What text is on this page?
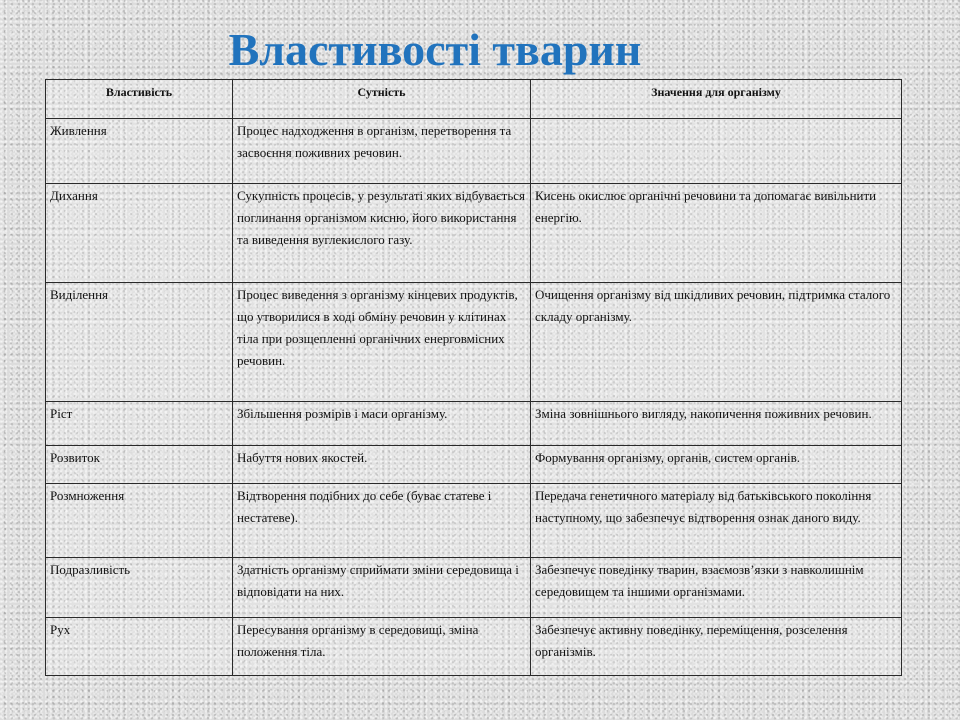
Властивості тварин
Властивість	Сутність	Значення для організму
Живлення	Процес надходження в організм, перетворення та засвоєння поживних речовин.	
Дихання	Сукупність процесів, у результаті яких відбувається поглинання організмом кисню, його використання та виведення вуглекислого газу.	Кисень окислює органічні речовини та допомагає вивільнити енергію.
Виділення	Процес виведення з організму кінцевих продуктів, що утворилися в ході обміну речовин у клітинах тіла при розщепленні органічних енерговмісних речовин.	Очищення організму від шкідливих речовин, підтримка сталого складу організму.
Ріст	Збільшення розмірів і маси організму.	Зміна зовнішнього вигляду, накопичення поживних речовин.
Розвиток	Набуття нових якостей.	Формування організму, органів, систем органів.
Розмноження	Відтворення подібних до себе (буває статеве і нестатеве).	Передача генетичного матеріалу від батьківського покоління наступному, що забезпечує відтворення ознак даного виду.
Подразливість	Здатність організму сприймати зміни середовища і відповідати на них.	Забезпечує поведінку тварин, взаємозв’язки з навколишнім середовищем та іншими організмами.
Рух	Пересування організму в середовищі, зміна положення тіла.	Забезпечує активну поведінку, переміщення, розселення організмів.
